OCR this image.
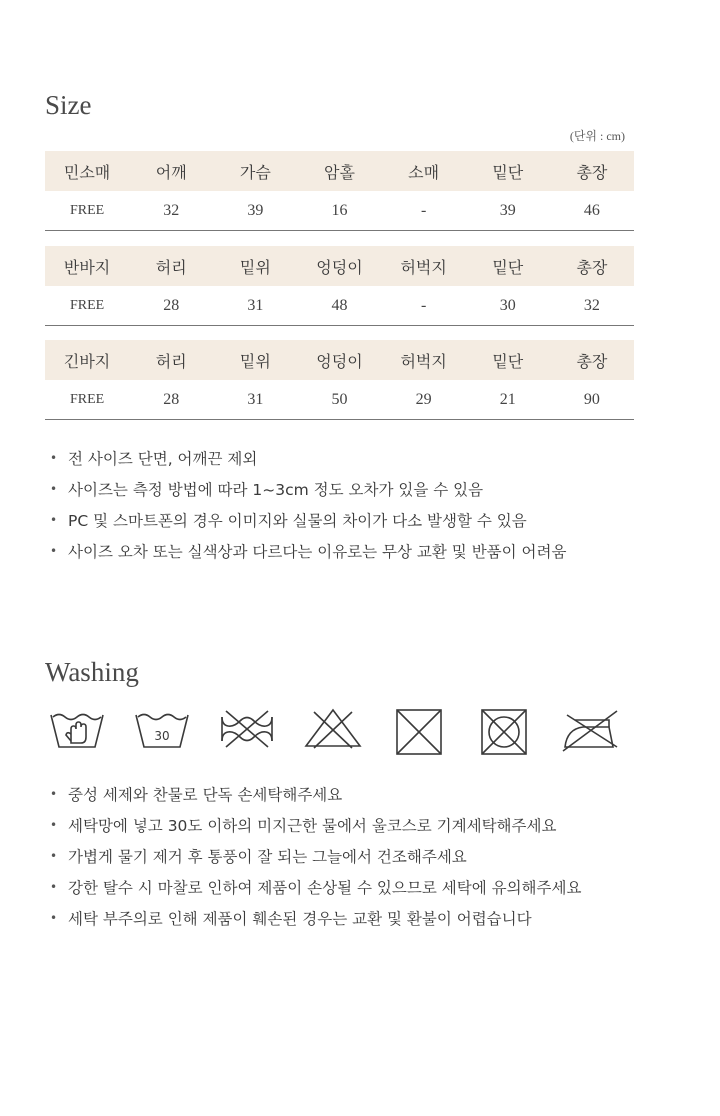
Size
(단위 : cm)
민소매	어깨	가슴	암홀	소매	밑단	총장
FREE	32	39	16	-	39	46
반바지	허리	밑위	엉덩이	허벅지	밑단	총장
FREE	28	31	48	-	30	32
긴바지	허리	밑위	엉덩이	허벅지	밑단	총장
FREE	28	31	50	29	21	90
• 전 사이즈 단면, 어깨끈 제외
• 사이즈는 측정 방법에 따라 1~3cm 정도 오차가 있을 수 있음
• PC 및 스마트폰의 경우 이미지와 실물의 차이가 다소 발생할 수 있음
• 사이즈 오차 또는 실색상과 다르다는 이유로는 무상 교환 및 반품이 어려움
Washing
30
• 중성 세제와 찬물로 단독 손세탁해주세요
• 세탁망에 넣고 30도 이하의 미지근한 물에서 울코스로 기계세탁해주세요
• 가볍게 물기 제거 후 통풍이 잘 되는 그늘에서 건조해주세요
• 강한 탈수 시 마찰로 인하여 제품이 손상될 수 있으므로 세탁에 유의해주세요
• 세탁 부주의로 인해 제품이 훼손된 경우는 교환 및 환불이 어렵습니다
